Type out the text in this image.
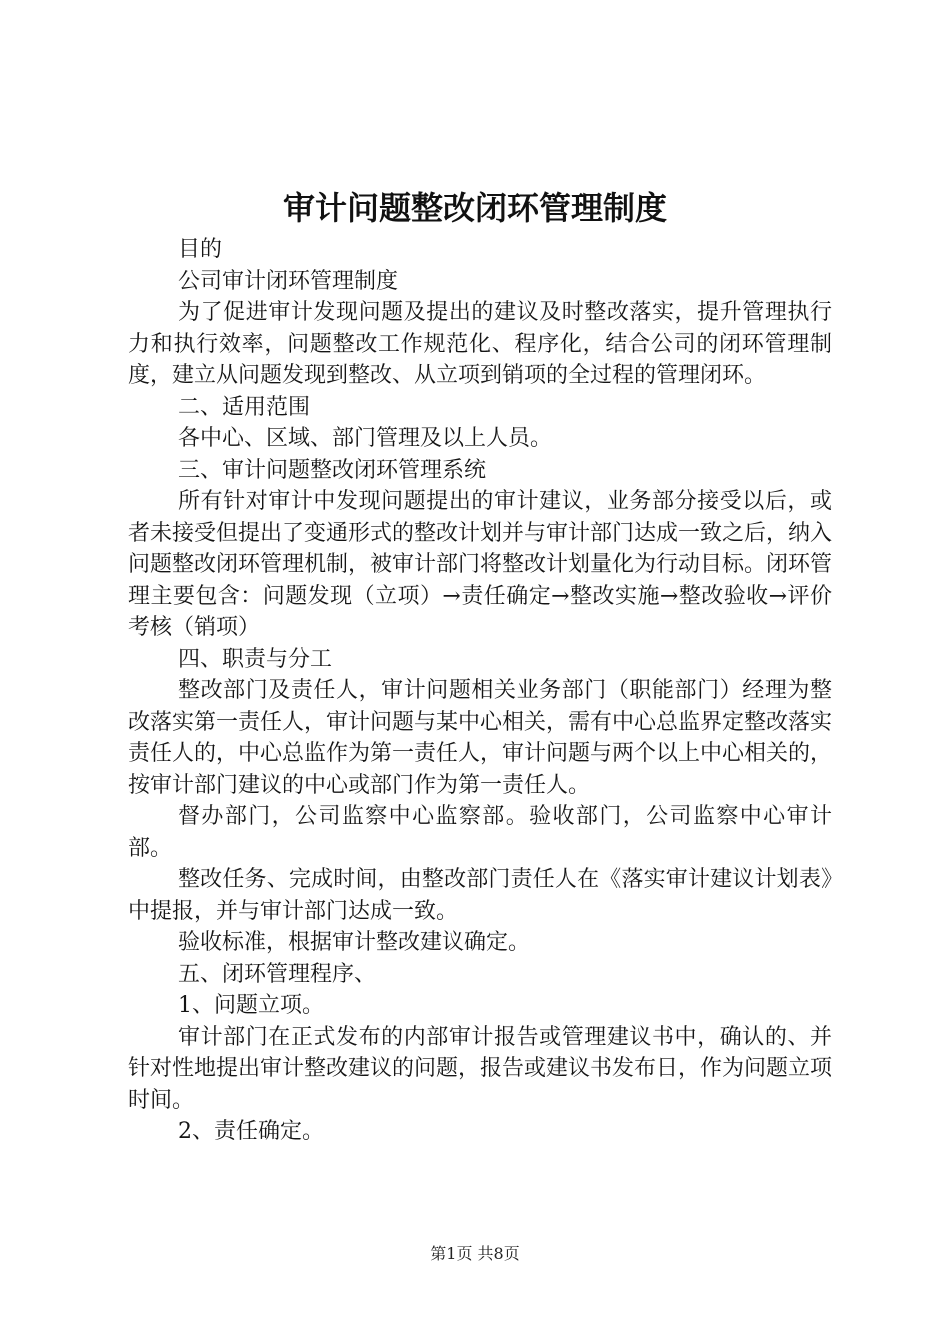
审计问题整改闭环管理制度

目的

公司审计闭环管理制度

为了促进审计发现问题及提出的建议及时整改落实，提升管理执行力和执行效率，问题整改工作规范化、程序化，结合公司的闭环管理制度，建立从问题发现到整改、从立项到销项的全过程的管理闭环。

二、适用范围

各中心、区域、部门管理及以上人员。

三、审计问题整改闭环管理系统

所有针对审计中发现问题提出的审计建议，业务部分接受以后，或者未接受但提出了变通形式的整改计划并与审计部门达成一致之后，纳入问题整改闭环管理机制，被审计部门将整改计划量化为行动目标。闭环管理主要包含：问题发现（立项）→责任确定→整改实施→整改验收→评价考核（销项）

四、职责与分工

整改部门及责任人，审计问题相关业务部门（职能部门）经理为整改落实第一责任人，审计问题与某中心相关，需有中心总监界定整改落实责任人的，中心总监作为第一责任人，审计问题与两个以上中心相关的，按审计部门建议的中心或部门作为第一责任人。

督办部门，公司监察中心监察部。验收部门，公司监察中心审计部。

整改任务、完成时间，由整改部门责任人在《落实审计建议计划表》中提报，并与审计部门达成一致。

验收标准，根据审计整改建议确定。

五、闭环管理程序、

1、问题立项。

审计部门在正式发布的内部审计报告或管理建议书中，确认的、并针对性地提出审计整改建议的问题，报告或建议书发布日，作为问题立项时间。

2、责任确定。

第1页 共8页
